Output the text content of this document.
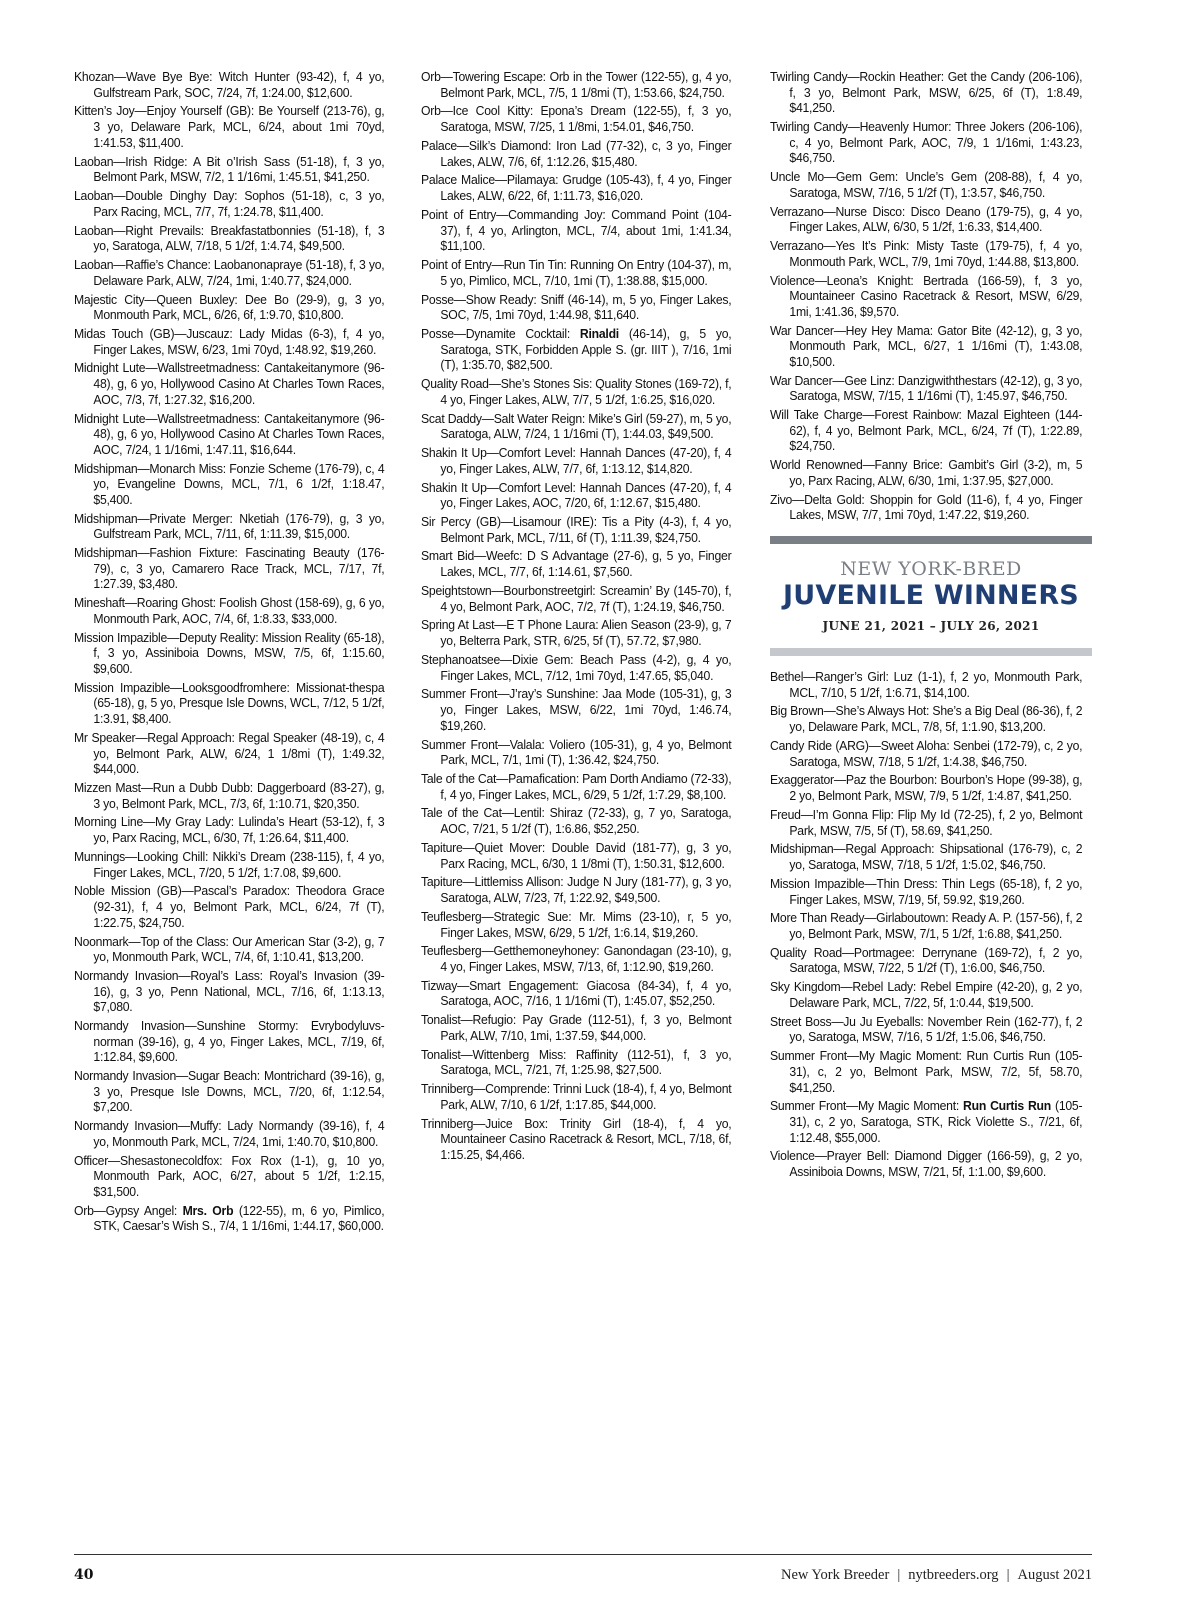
Khozan—Wave Bye Bye: Witch Hunter (93-42), f, 4 yo, Gulfstream Park, SOC, 7/24, 7f, 1:24.00, $12,600.

Kitten’s Joy—Enjoy Yourself (GB): Be Yourself (213-76), g, 3 yo, Delaware Park, MCL, 6/24, about 1mi 70yd, 1:41.53, $11,400.

Laoban—Irish Ridge: A Bit o’Irish Sass (51-18), f, 3 yo, Belmont Park, MSW, 7/2, 1 1/16mi, 1:45.51, $41,250.

Laoban—Double Dinghy Day: Sophos (51-18), c, 3 yo, Parx Racing, MCL, 7/7, 7f, 1:24.78, $11,400.

Laoban—Right Prevails: Breakfastatbonnies (51-18), f, 3 yo, Saratoga, ALW, 7/18, 5 1/2f, 1:4.74, $49,500.

Laoban—Raffie’s Chance: Laobanonapraye (51-18), f, 3 yo, Delaware Park, ALW, 7/24, 1mi, 1:40.77, $24,000.

Majestic City—Queen Buxley: Dee Bo (29-9), g, 3 yo, Monmouth Park, MCL, 6/26, 6f, 1:9.70, $10,800.

Midas Touch (GB)—Juscauz: Lady Midas (6-3), f, 4 yo, Finger Lakes, MSW, 6/23, 1mi 70yd, 1:48.92, $19,260.

Midnight Lute—Wallstreetmadness: Cantakeitanymore (96-48), g, 6 yo, Hollywood Casino At Charles Town Races, AOC, 7/3, 7f, 1:27.32, $16,200.

Midnight Lute—Wallstreetmadness: Cantakeitanymore (96-48), g, 6 yo, Hollywood Casino At Charles Town Races, AOC, 7/24, 1 1/16mi, 1:47.11, $16,644.

Midshipman—Monarch Miss: Fonzie Scheme (176-79), c, 4 yo, Evangeline Downs, MCL, 7/1, 6 1/2f, 1:18.47, $5,400.

Midshipman—Private Merger: Nketiah (176-79), g, 3 yo, Gulfstream Park, MCL, 7/11, 6f, 1:11.39, $15,000.

Midshipman—Fashion Fixture: Fascinating Beauty (176-79), c, 3 yo, Camarero Race Track, MCL, 7/17, 7f, 1:27.39, $3,480.

Mineshaft—Roaring Ghost: Foolish Ghost (158-69), g, 6 yo, Monmouth Park, AOC, 7/4, 6f, 1:8.33, $33,000.

Mission Impazible—Deputy Reality: Mission Reality (65-18), f, 3 yo, Assiniboia Downs, MSW, 7/5, 6f, 1:15.60, $9,600.

Mission Impazible—Looksgoodfromhere: Missionat-thespa (65-18), g, 5 yo, Presque Isle Downs, WCL, 7/12, 5 1/2f, 1:3.91, $8,400.

Mr Speaker—Regal Approach: Regal Speaker (48-19), c, 4 yo, Belmont Park, ALW, 6/24, 1 1/8mi (T), 1:49.32, $44,000.

Mizzen Mast—Run a Dubb Dubb: Daggerboard (83-27), g, 3 yo, Belmont Park, MCL, 7/3, 6f, 1:10.71, $20,350.

Morning Line—My Gray Lady: Lulinda’s Heart (53-12), f, 3 yo, Parx Racing, MCL, 6/30, 7f, 1:26.64, $11,400.

Munnings—Looking Chill: Nikki’s Dream (238-115), f, 4 yo, Finger Lakes, MCL, 7/20, 5 1/2f, 1:7.08, $9,600.

Noble Mission (GB)—Pascal’s Paradox: Theodora Grace (92-31), f, 4 yo, Belmont Park, MCL, 6/24, 7f (T), 1:22.75, $24,750.

Noonmark—Top of the Class: Our American Star (3-2), g, 7 yo, Monmouth Park, WCL, 7/4, 6f, 1:10.41, $13,200.

Normandy Invasion—Royal’s Lass: Royal’s Invasion (39-16), g, 3 yo, Penn National, MCL, 7/16, 6f, 1:13.13, $7,080.

Normandy Invasion—Sunshine Stormy: Evrybodyluvs-norman (39-16), g, 4 yo, Finger Lakes, MCL, 7/19, 6f, 1:12.84, $9,600.

Normandy Invasion—Sugar Beach: Montrichard (39-16), g, 3 yo, Presque Isle Downs, MCL, 7/20, 6f, 1:12.54, $7,200.

Normandy Invasion—Muffy: Lady Normandy (39-16), f, 4 yo, Monmouth Park, MCL, 7/24, 1mi, 1:40.70, $10,800.

Officer—Shesastonecoldfox: Fox Rox (1-1), g, 10 yo, Monmouth Park, AOC, 6/27, about 5 1/2f, 1:2.15, $31,500.

Orb—Gypsy Angel: Mrs. Orb (122-55), m, 6 yo, Pimlico, STK, Caesar’s Wish S., 7/4, 1 1/16mi, 1:44.17, $60,000.

Orb—Towering Escape: Orb in the Tower (122-55), g, 4 yo, Belmont Park, MCL, 7/5, 1 1/8mi (T), 1:53.66, $24,750.

Orb—Ice Cool Kitty: Epona’s Dream (122-55), f, 3 yo, Saratoga, MSW, 7/25, 1 1/8mi, 1:54.01, $46,750.

Palace—Silk’s Diamond: Iron Lad (77-32), c, 3 yo, Finger Lakes, ALW, 7/6, 6f, 1:12.26, $15,480.

Palace Malice—Pilamaya: Grudge (105-43), f, 4 yo, Finger Lakes, ALW, 6/22, 6f, 1:11.73, $16,020.

Point of Entry—Commanding Joy: Command Point (104-37), f, 4 yo, Arlington, MCL, 7/4, about 1mi, 1:41.34, $11,100.

Point of Entry—Run Tin Tin: Running On Entry (104-37), m, 5 yo, Pimlico, MCL, 7/10, 1mi (T), 1:38.88, $15,000.

Posse—Show Ready: Sniff (46-14), m, 5 yo, Finger Lakes, SOC, 7/5, 1mi 70yd, 1:44.98, $11,640.

Posse—Dynamite Cocktail: Rinaldi (46-14), g, 5 yo, Saratoga, STK, Forbidden Apple S. (gr. IIIT ), 7/16, 1mi (T), 1:35.70, $82,500.

Quality Road—She’s Stones Sis: Quality Stones (169-72), f, 4 yo, Finger Lakes, ALW, 7/7, 5 1/2f, 1:6.25, $16,020.

Scat Daddy—Salt Water Reign: Mike’s Girl (59-27), m, 5 yo, Saratoga, ALW, 7/24, 1 1/16mi (T), 1:44.03, $49,500.

Shakin It Up—Comfort Level: Hannah Dances (47-20), f, 4 yo, Finger Lakes, ALW, 7/7, 6f, 1:13.12, $14,820.

Shakin It Up—Comfort Level: Hannah Dances (47-20), f, 4 yo, Finger Lakes, AOC, 7/20, 6f, 1:12.67, $15,480.

Sir Percy (GB)—Lisamour (IRE): Tis a Pity (4-3), f, 4 yo, Belmont Park, MCL, 7/11, 6f (T), 1:11.39, $24,750.

Smart Bid—Weefc: D S Advantage (27-6), g, 5 yo, Finger Lakes, MCL, 7/7, 6f, 1:14.61, $7,560.

Speightstown—Bourbonstreetgirl: Screamin’ By (145-70), f, 4 yo, Belmont Park, AOC, 7/2, 7f (T), 1:24.19, $46,750.

Spring At Last—E T Phone Laura: Alien Season (23-9), g, 7 yo, Belterra Park, STR, 6/25, 5f (T), 57.72, $7,980.

Stephanoatsee—Dixie Gem: Beach Pass (4-2), g, 4 yo, Finger Lakes, MCL, 7/12, 1mi 70yd, 1:47.65, $5,040.

Summer Front—J’ray’s Sunshine: Jaa Mode (105-31), g, 3 yo, Finger Lakes, MSW, 6/22, 1mi 70yd, 1:46.74, $19,260.

Summer Front—Valala: Voliero (105-31), g, 4 yo, Belmont Park, MCL, 7/1, 1mi (T), 1:36.42, $24,750.

Tale of the Cat—Pamafication: Pam Dorth Andiamo (72-33), f, 4 yo, Finger Lakes, MCL, 6/29, 5 1/2f, 1:7.29, $8,100.

Tale of the Cat—Lentil: Shiraz (72-33), g, 7 yo, Saratoga, AOC, 7/21, 5 1/2f (T), 1:6.86, $52,250.

Tapiture—Quiet Mover: Double David (181-77), g, 3 yo, Parx Racing, MCL, 6/30, 1 1/8mi (T), 1:50.31, $12,600.

Tapiture—Littlemiss Allison: Judge N Jury (181-77), g, 3 yo, Saratoga, ALW, 7/23, 7f, 1:22.92, $49,500.

Teuflesberg—Strategic Sue: Mr. Mims (23-10), r, 5 yo, Finger Lakes, MSW, 6/29, 5 1/2f, 1:6.14, $19,260.

Teuflesberg—Getthemoneyhoney: Ganondagan (23-10), g, 4 yo, Finger Lakes, MSW, 7/13, 6f, 1:12.90, $19,260.

Tizway—Smart Engagement: Giacosa (84-34), f, 4 yo, Saratoga, AOC, 7/16, 1 1/16mi (T), 1:45.07, $52,250.

Tonalist—Refugio: Pay Grade (112-51), f, 3 yo, Belmont Park, ALW, 7/10, 1mi, 1:37.59, $44,000.

Tonalist—Wittenberg Miss: Raffinity (112-51), f, 3 yo, Saratoga, MCL, 7/21, 7f, 1:25.98, $27,500.

Trinniberg—Comprende: Trinni Luck (18-4), f, 4 yo, Belmont Park, ALW, 7/10, 6 1/2f, 1:17.85, $44,000.

Trinniberg—Juice Box: Trinity Girl (18-4), f, 4 yo, Mountaineer Casino Racetrack & Resort, MCL, 7/18, 6f, 1:15.25, $4,466.

Twirling Candy—Rockin Heather: Get the Candy (206-106), f, 3 yo, Belmont Park, MSW, 6/25, 6f (T), 1:8.49, $41,250.

Twirling Candy—Heavenly Humor: Three Jokers (206-106), c, 4 yo, Belmont Park, AOC, 7/9, 1 1/16mi, 1:43.23, $46,750.

Uncle Mo—Gem Gem: Uncle’s Gem (208-88), f, 4 yo, Saratoga, MSW, 7/16, 5 1/2f (T), 1:3.57, $46,750.

Verrazano—Nurse Disco: Disco Deano (179-75), g, 4 yo, Finger Lakes, ALW, 6/30, 5 1/2f, 1:6.33, $14,400.

Verrazano—Yes It’s Pink: Misty Taste (179-75), f, 4 yo, Monmouth Park, WCL, 7/9, 1mi 70yd, 1:44.88, $13,800.

Violence—Leona’s Knight: Bertrada (166-59), f, 3 yo, Mountaineer Casino Racetrack & Resort, MSW, 6/29, 1mi, 1:41.36, $9,570.

War Dancer—Hey Hey Mama: Gator Bite (42-12), g, 3 yo, Monmouth Park, MCL, 6/27, 1 1/16mi (T), 1:43.08, $10,500.

War Dancer—Gee Linz: Danzigwiththestars (42-12), g, 3 yo, Saratoga, MSW, 7/15, 1 1/16mi (T), 1:45.97, $46,750.

Will Take Charge—Forest Rainbow: Mazal Eighteen (144-62), f, 4 yo, Belmont Park, MCL, 6/24, 7f (T), 1:22.89, $24,750.

World Renowned—Fanny Brice: Gambit’s Girl (3-2), m, 5 yo, Parx Racing, ALW, 6/30, 1mi, 1:37.95, $27,000.

Zivo—Delta Gold: Shoppin for Gold (11-6), f, 4 yo, Finger Lakes, MSW, 7/7, 1mi 70yd, 1:47.22, $19,260.

NEW YORK-BRED
JUVENILE WINNERS
JUNE 21, 2021 – JULY 26, 2021

Bethel—Ranger’s Girl: Luz (1-1), f, 2 yo, Monmouth Park, MCL, 7/10, 5 1/2f, 1:6.71, $14,100.

Big Brown—She’s Always Hot: She’s a Big Deal (86-36), f, 2 yo, Delaware Park, MCL, 7/8, 5f, 1:1.90, $13,200.

Candy Ride (ARG)—Sweet Aloha: Senbei (172-79), c, 2 yo, Saratoga, MSW, 7/18, 5 1/2f, 1:4.38, $46,750.

Exaggerator—Paz the Bourbon: Bourbon’s Hope (99-38), g, 2 yo, Belmont Park, MSW, 7/9, 5 1/2f, 1:4.87, $41,250.

Freud—I’m Gonna Flip: Flip My Id (72-25), f, 2 yo, Belmont Park, MSW, 7/5, 5f (T), 58.69, $41,250.

Midshipman—Regal Approach: Shipsational (176-79), c, 2 yo, Saratoga, MSW, 7/18, 5 1/2f, 1:5.02, $46,750.

Mission Impazible—Thin Dress: Thin Legs (65-18), f, 2 yo, Finger Lakes, MSW, 7/19, 5f, 59.92, $19,260.

More Than Ready—Girlaboutown: Ready A. P. (157-56), f, 2 yo, Belmont Park, MSW, 7/1, 5 1/2f, 1:6.88, $41,250.

Quality Road—Portmagee: Derrynane (169-72), f, 2 yo, Saratoga, MSW, 7/22, 5 1/2f (T), 1:6.00, $46,750.

Sky Kingdom—Rebel Lady: Rebel Empire (42-20), g, 2 yo, Delaware Park, MCL, 7/22, 5f, 1:0.44, $19,500.

Street Boss—Ju Ju Eyeballs: November Rein (162-77), f, 2 yo, Saratoga, MSW, 7/16, 5 1/2f, 1:5.06, $46,750.

Summer Front—My Magic Moment: Run Curtis Run (105-31), c, 2 yo, Belmont Park, MSW, 7/2, 5f, 58.70, $41,250.

Summer Front—My Magic Moment: Run Curtis Run (105-31), c, 2 yo, Saratoga, STK, Rick Violette S., 7/21, 6f, 1:12.48, $55,000.

Violence—Prayer Bell: Diamond Digger (166-59), g, 2 yo, Assiniboia Downs, MSW, 7/21, 5f, 1:1.00, $9,600.

40	New York Breeder | nytbreeders.org | August 2021
